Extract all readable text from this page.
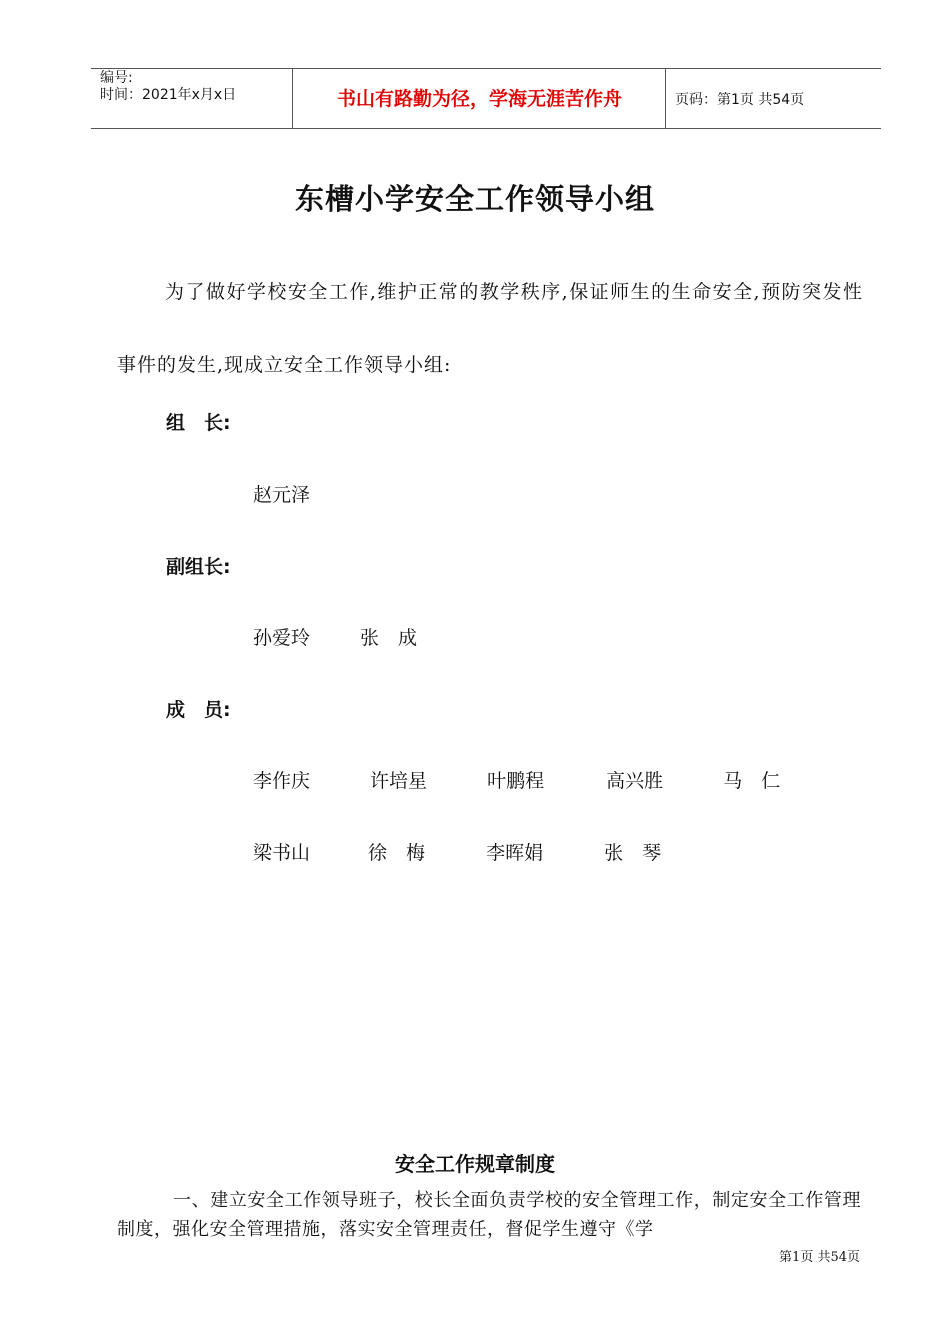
编号:
时间：2021年x月x日	书山有路勤为径，学海无涯苦作舟	页码：第1页 共54页
东槽小学安全工作领导小组
为了做好学校安全工作,维护正常的教学秩序,保证师生的生命安全,预防突发性事件的发生,现成立安全工作领导小组:
组　长:
赵元泽
副组长:
孙爱玲	张　成
成　员:
李作庆	许培星	叶鹏程	高兴胜	马　仁
梁书山	徐　梅	李晖娟	张　琴
安全工作规章制度
一、建立安全工作领导班子，校长全面负责学校的安全管理工作，制定安全工作管理制度，强化安全管理措施，落实安全管理责任，督促学生遵守《学
第1页 共54页
